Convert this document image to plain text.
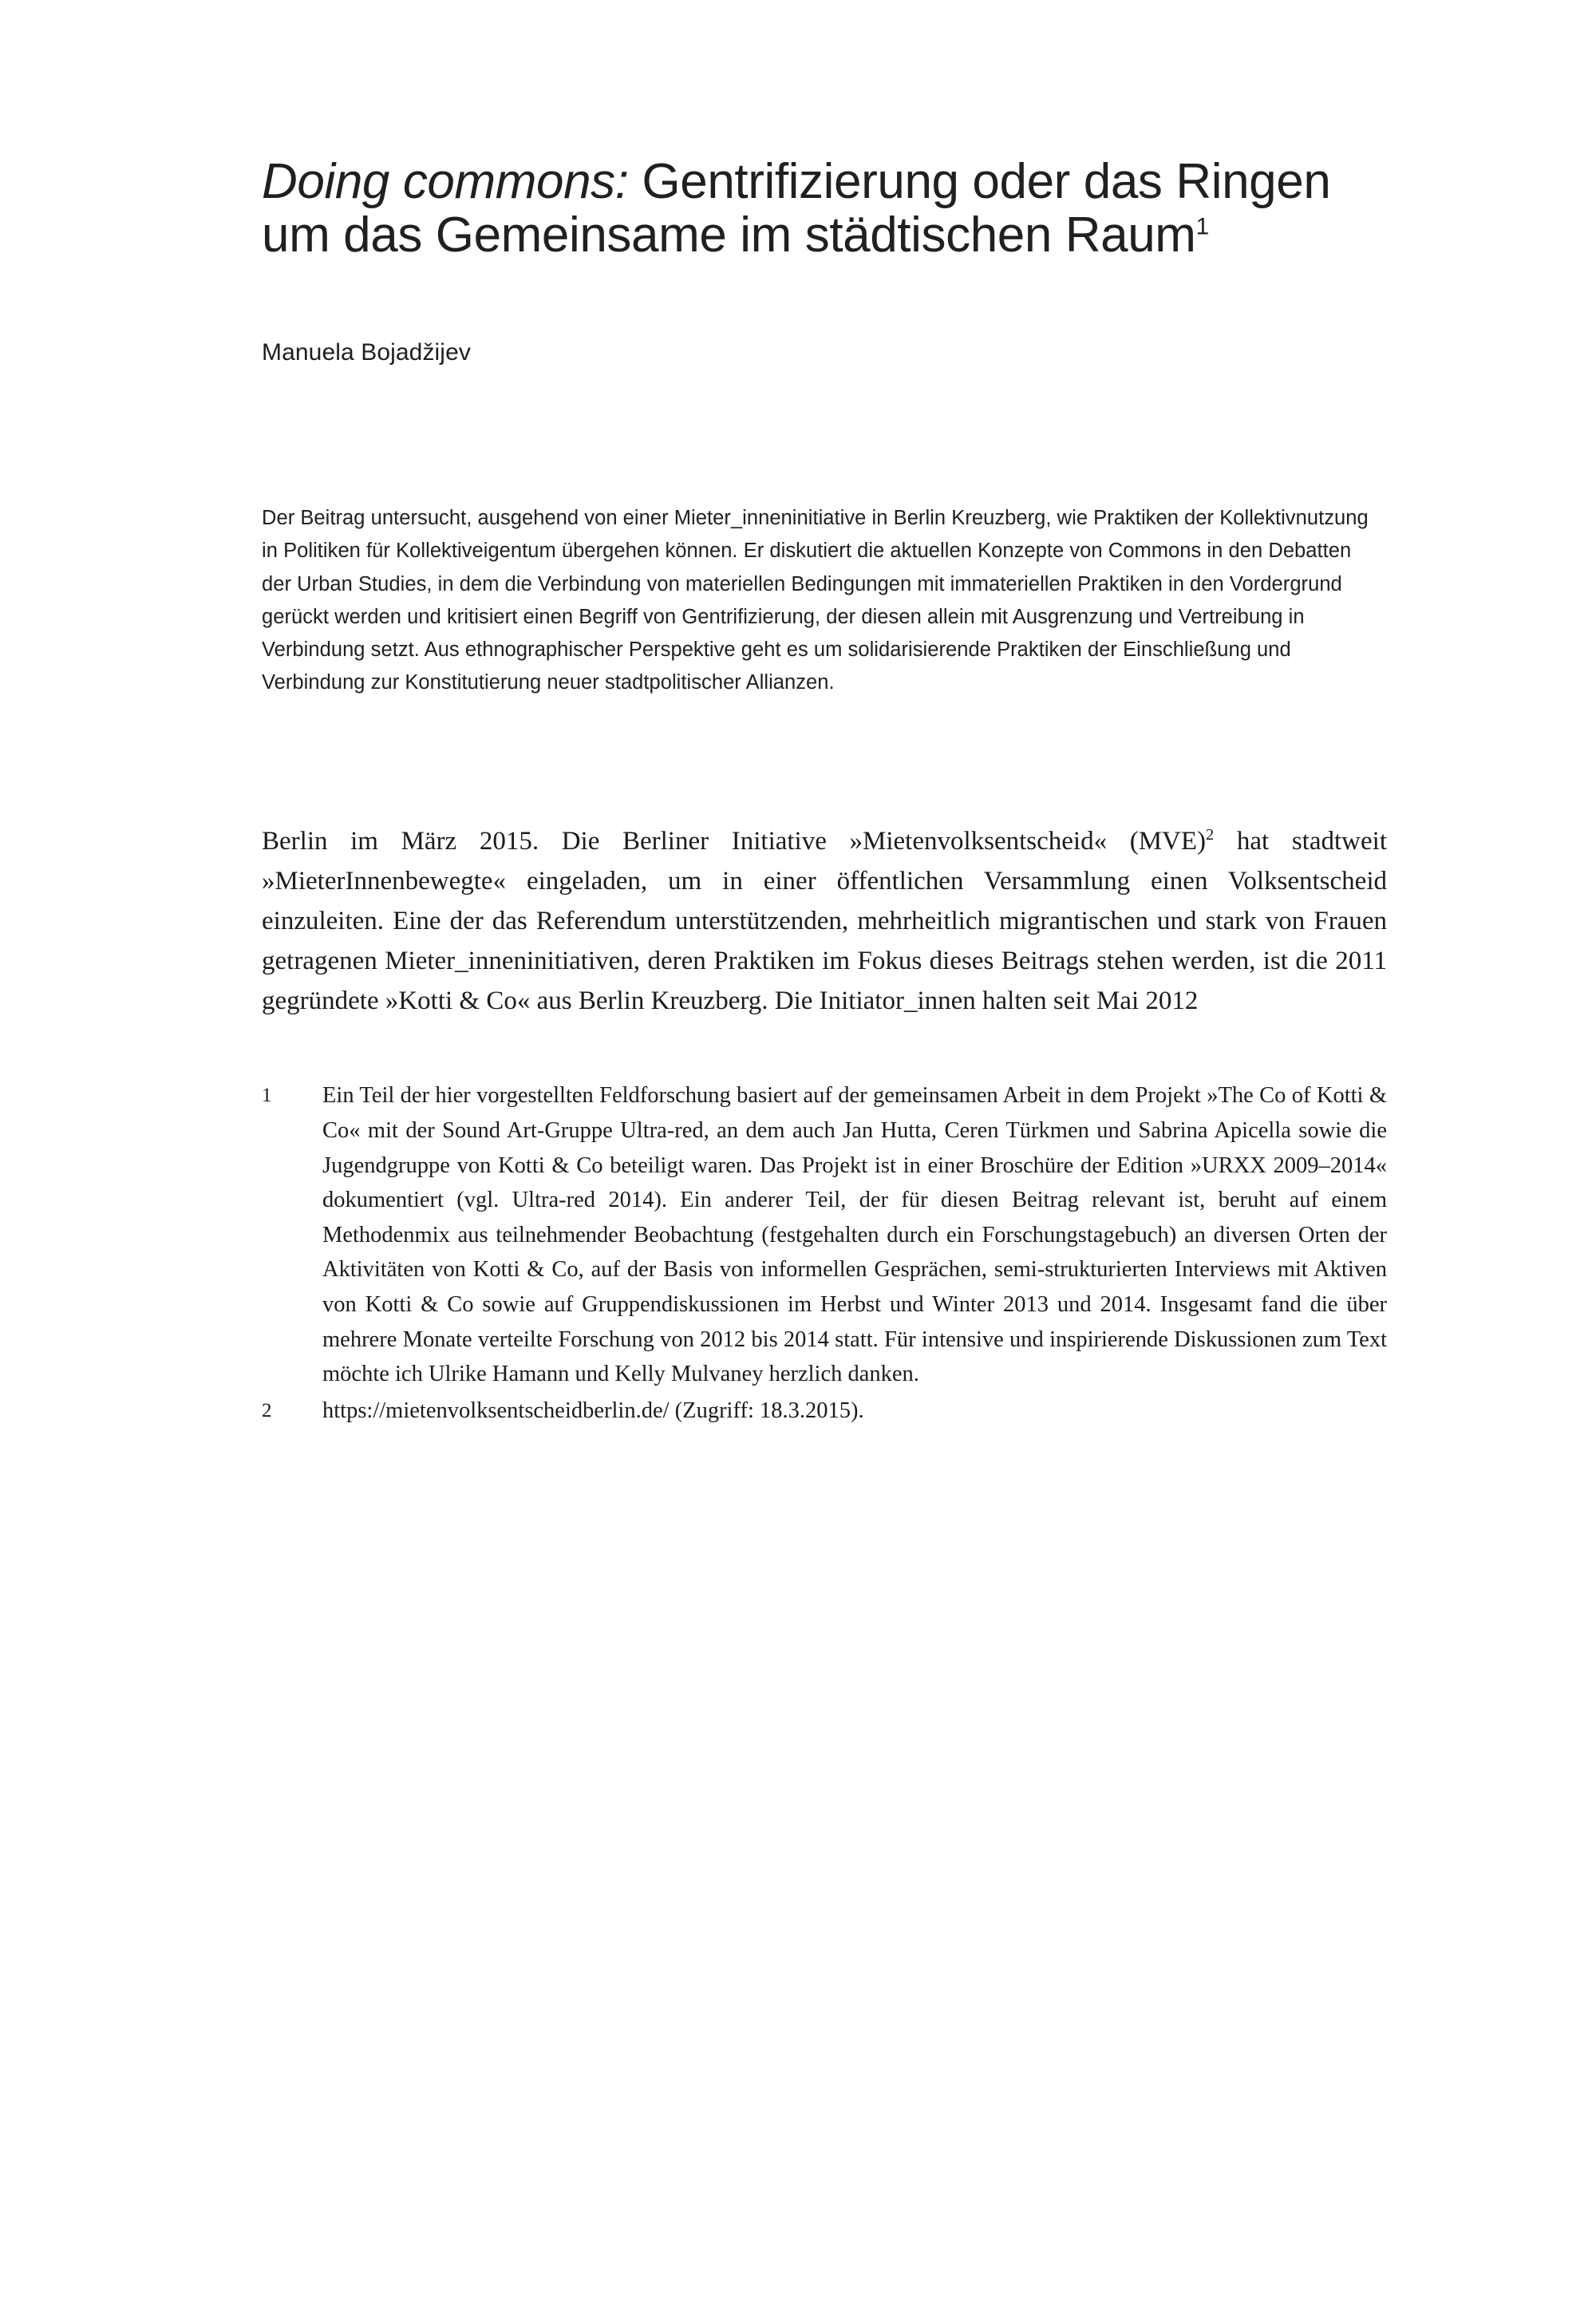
Doing commons: Gentrifizierung oder das Ringen um das Gemeinsame im städtischen Raum$^1$
Manuela Bojadžijev
Der Beitrag untersucht, ausgehend von einer Mieter_inneninitiative in Berlin Kreuzberg, wie Praktiken der Kollektivnutzung in Politiken für Kollektiveigentum übergehen können. Er diskutiert die aktuellen Konzepte von Commons in den Debatten der Urban Studies, in dem die Verbindung von materiellen Bedingungen mit immateriellen Praktiken in den Vordergrund gerückt werden und kritisiert einen Begriff von Gentrifizierung, der diesen allein mit Ausgrenzung und Vertreibung in Verbindung setzt. Aus ethnographischer Perspektive geht es um solidarisierende Praktiken der Einschließung und Verbindung zur Konstitutierung neuer stadtpolitischer Allianzen.
Berlin im März 2015. Die Berliner Initiative »Mietenvolksentscheid« (MVE)$^2$ hat stadtweit »MieterInnenbewegte« eingeladen, um in einer öffentlichen Versammlung einen Volksentscheid einzuleiten. Eine der das Referendum unterstützenden, mehrheitlich migrantischen und stark von Frauen getragenen Mieter_inneninitiativen, deren Praktiken im Fokus dieses Beitrags stehen werden, ist die 2011 gegründete »Kotti & Co« aus Berlin Kreuzberg. Die Initiator_innen halten seit Mai 2012
1	Ein Teil der hier vorgestellten Feldforschung basiert auf der gemeinsamen Arbeit in dem Projekt »The Co of Kotti & Co« mit der Sound Art-Gruppe Ultra-red, an dem auch Jan Hutta, Ceren Türkmen und Sabrina Apicella sowie die Jugendgruppe von Kotti & Co beteiligt waren. Das Projekt ist in einer Broschüre der Edition »URXX 2009–2014« dokumentiert (vgl. Ultra-red 2014). Ein anderer Teil, der für diesen Beitrag relevant ist, beruht auf einem Methodenmix aus teilnehmender Beobachtung (festgehalten durch ein Forschungstagebuch) an diversen Orten der Aktivitäten von Kotti & Co, auf der Basis von informellen Gesprächen, semi-strukturierten Interviews mit Aktiven von Kotti & Co sowie auf Gruppendiskussionen im Herbst und Winter 2013 und 2014. Insgesamt fand die über mehrere Monate verteilte Forschung von 2012 bis 2014 statt. Für intensive und inspirierende Diskussionen zum Text möchte ich Ulrike Hamann und Kelly Mulvaney herzlich danken.
2	https://mietenvolksentscheidberlin.de/ (Zugriff: 18.3.2015).
